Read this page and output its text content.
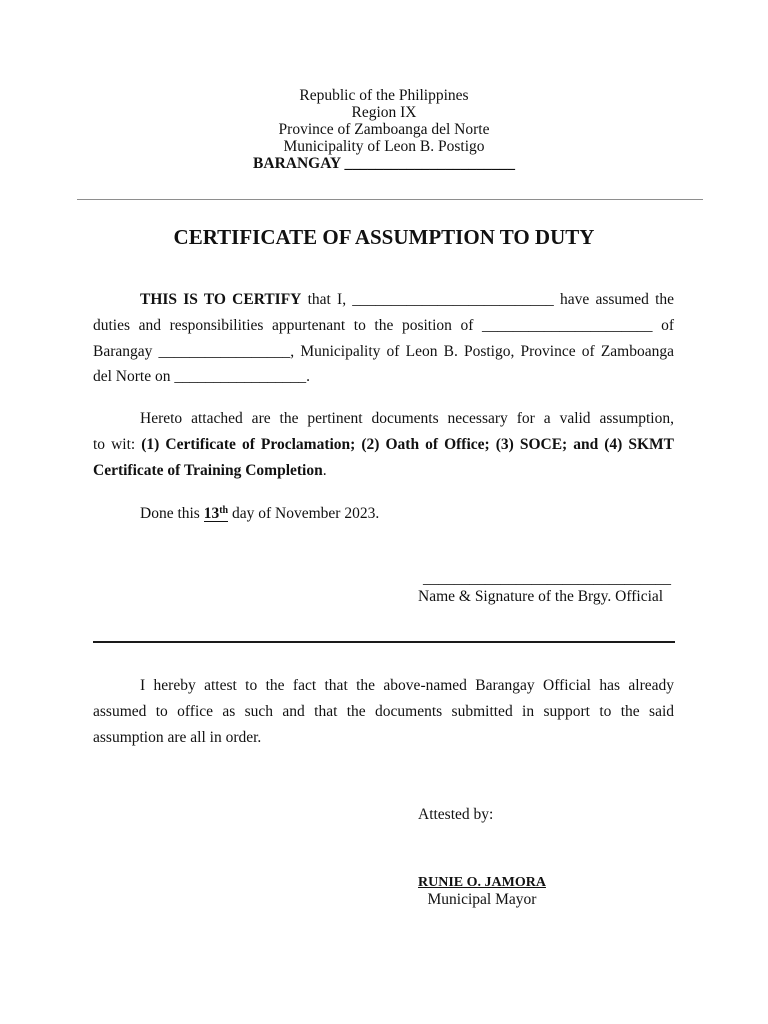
Republic of the Philippines
Region IX
Province of Zamboanga del Norte
Municipality of Leon B. Postigo
BARANGAY ______________________
CERTIFICATE OF ASSUMPTION TO DUTY
THIS IS TO CERTIFY that I, __________________________ have assumed the
duties and responsibilities appurtenant to the position of ______________________ of
Barangay _________________, Municipality of Leon B. Postigo, Province of Zamboanga
del Norte on _________________.
Hereto attached are the pertinent documents necessary for a valid assumption,
to wit: (1) Certificate of Proclamation; (2) Oath of Office; (3) SOCE; and (4) SKMT
Certificate of Training Completion.
Done this 13th day of November 2023.
________________________________
Name & Signature of the Brgy. Official
I hereby attest to the fact that the above-named Barangay Official has already
assumed to office as such and that the documents submitted in support to the said
assumption are all in order.
Attested by:
RUNIE O. JAMORA
Municipal Mayor
